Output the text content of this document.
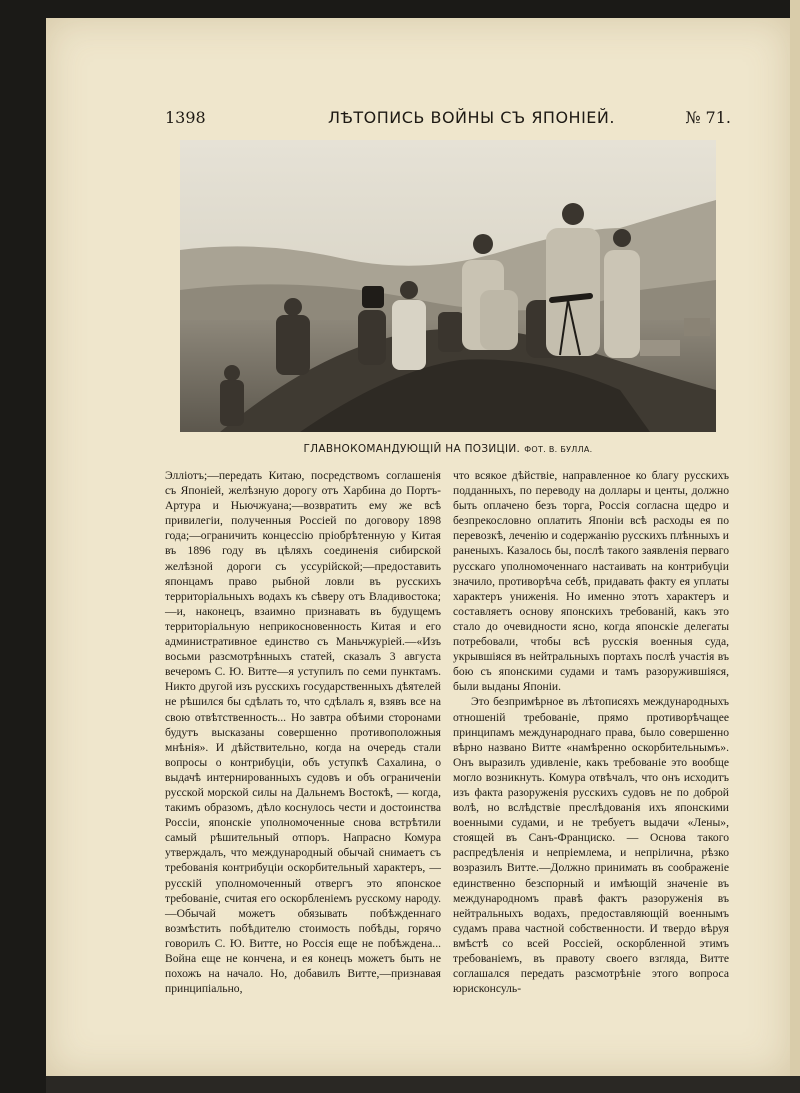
1398	ЛѢТОПИСЬ ВОЙНЫ СЪ ЯПОНІЕЙ.	№ 71.
ГЛАВНОКОМАНДУЮЩІЙ НА ПОЗИЦІИ. ФОТ. В. БУЛЛА.

Эллiотъ;—передать Китаю, посредствомъ соглашенія съ Японіей, желѣзную дорогу отъ Харбина до Портъ-Артура и Ньючжуана;—возвратить ему же всѣ привилегіи, полученныя Россіей по договору 1898 года;—ограничить концессію пріобрѣтенную у Китая въ 1896 году въ цѣляхъ соединенія сибирской желѣзной дороги съ уссурійской;—предоставить японцамъ право рыбной ловли въ русскихъ территоріальныхъ водахъ къ сѣверу отъ Владивостока;—и, наконецъ, взаимно признавать въ будущемъ территоріальную неприкосновенность Китая и его административное единство съ Маньчжуріей.—«Изъ восьми разсмотрѣнныхъ статей, сказалъ 3 августа вечеромъ С. Ю. Витте—я уступилъ по семи пунктамъ. Никто другой изъ русскихъ государственныхъ дѣятелей не рѣшился бы сдѣлать то, что сдѣлалъ я, взявъ все на свою отвѣтственность... Но завтра обѣими сторонами будутъ высказаны совершенно противоположныя мнѣнія». И дѣйствительно, когда на очередь стали вопросы о контрибуціи, объ уступкѣ Сахалина, о выдачѣ интернированныхъ судовъ и объ ограниченіи русской морской силы на Дальнемъ Востокѣ, — когда, такимъ образомъ, дѣло коснулось чести и достоинства Россіи, японскіе уполномоченные снова встрѣтили самый рѣшительный отпоръ. Напрасно Комура утверждалъ, что международный обычай снимаетъ съ требованія контрибуціи оскорбительный характеръ, — русскій уполномоченный отвергъ это японское требованіе, считая его оскорбленіемъ русскому народу.—Обычай можетъ обязывать побѣжденнаго возмѣстить побѣдителю стоимость побѣды, горячо говорилъ С. Ю. Витте, но Россія еще не побѣждена... Война еще не кончена, и ея конецъ можетъ быть не похожъ на начало. Но, добавилъ Витте,—признавая принципіально,

что всякое дѣйствіе, направленное ко благу русскихъ подданныхъ, по переводу на доллары и центы, должно быть оплачено безъ торга, Россія согласна щедро и безпрекословно оплатить Японіи всѣ расходы ея по перевозкѣ, леченію и содержанію русскихъ плѣнныхъ и раненыхъ. Казалось бы, послѣ такого заявленія перваго русскаго уполномоченнаго настаивать на контрибуціи значило, противорѣча себѣ, придавать факту ея уплаты характеръ униженія. Но именно этотъ характеръ и составляетъ основу японскихъ требованій, какъ это стало до очевидности ясно, когда японскіе делегаты потребовали, чтобы всѣ русскія военныя суда, укрывшіяся въ нейтральныхъ портахъ послѣ участія въ бою съ японскими судами и тамъ разоружившіяся, были выданы Японіи.

Это безпримѣрное въ лѣтописяхъ международныхъ отношеній требованіе, прямо противорѣчащее принципамъ международнаго права, было совершенно вѣрно названо Витте «намѣренно оскорбительнымъ». Онъ выразилъ удивленіе, какъ требованіе это вообще могло возникнуть. Комура отвѣчалъ, что онъ исходитъ изъ факта разоруженія русскихъ судовъ не по доброй волѣ, но вслѣдствіе преслѣдованія ихъ японскими военными судами, и не требуетъ выдачи «Лены», стоящей въ Санъ-Франциско. — Основа такого распредѣленія и непріемлема, и непрілична, рѣзко возразилъ Витте.—Должно принимать въ соображеніе единственно безспорный и имѣющій значеніе въ международномъ правѣ фактъ разоруженія въ нейтральныхъ водахъ, предоставляющій военнымъ судамъ права частной собственности. И твердо вѣруя вмѣстѣ со всей Россіей, оскорбленной этимъ требованіемъ, въ правоту своего взгляда, Витте соглашался передать разсмотрѣніе этого вопроса юрисконсуль-
